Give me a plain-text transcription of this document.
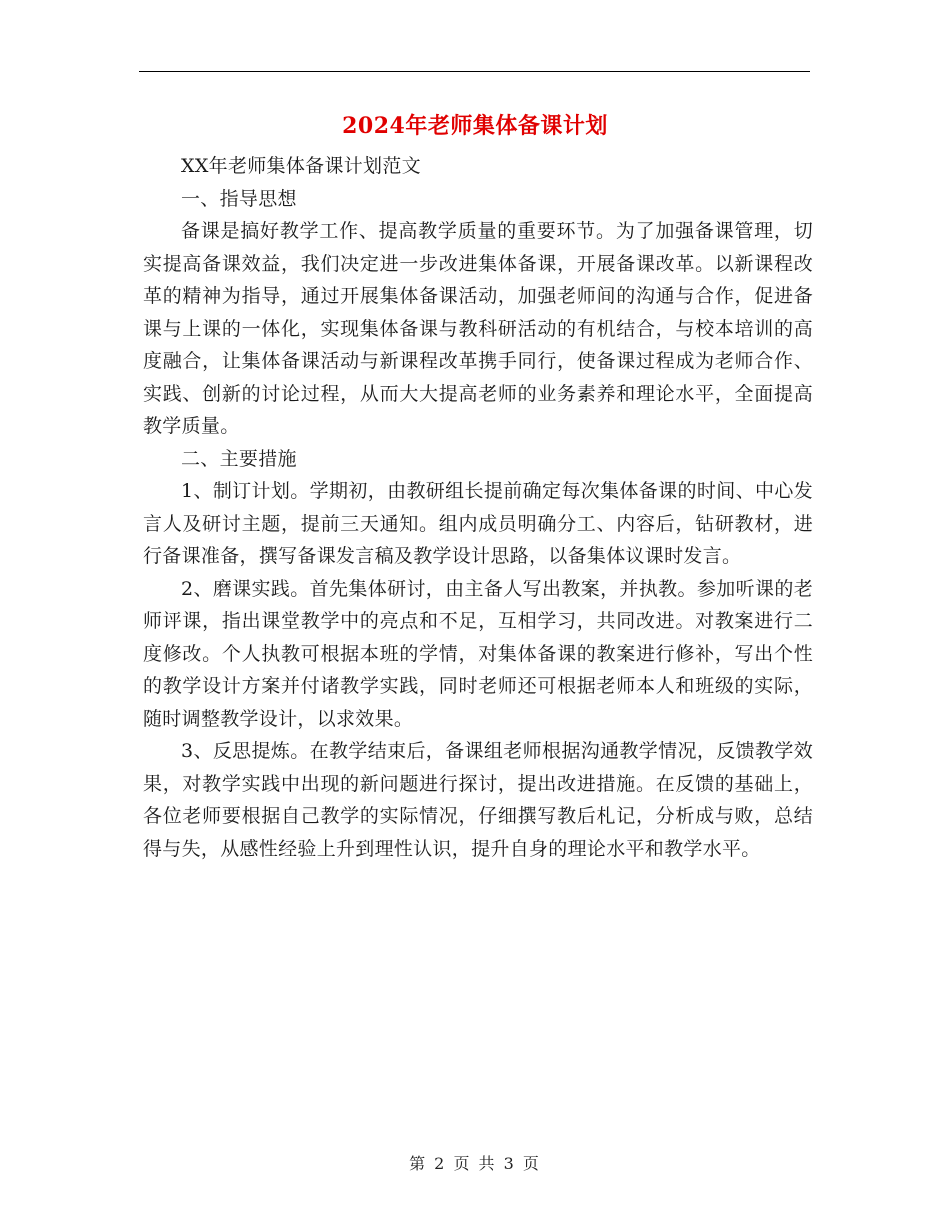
2024年老师集体备课计划

XX年老师集体备课计划范文

一、指导思想

备课是搞好教学工作、提高教学质量的重要环节。为了加强备课管理，切实提高备课效益，我们决定进一步改进集体备课，开展备课改革。以新课程改革的精神为指导，通过开展集体备课活动，加强老师间的沟通与合作，促进备课与上课的一体化，实现集体备课与教科研活动的有机结合，与校本培训的高度融合，让集体备课活动与新课程改革携手同行，使备课过程成为老师合作、实践、创新的讨论过程，从而大大提高老师的业务素养和理论水平，全面提高教学质量。

二、主要措施

1、制订计划。学期初，由教研组长提前确定每次集体备课的时间、中心发言人及研讨主题，提前三天通知。组内成员明确分工、内容后，钻研教材，进行备课准备，撰写备课发言稿及教学设计思路，以备集体议课时发言。

2、磨课实践。首先集体研讨，由主备人写出教案，并执教。参加听课的老师评课，指出课堂教学中的亮点和不足，互相学习，共同改进。对教案进行二度修改。个人执教可根据本班的学情，对集体备课的教案进行修补，写出个性的教学设计方案并付诸教学实践，同时老师还可根据老师本人和班级的实际，随时调整教学设计，以求效果。

3、反思提炼。在教学结束后，备课组老师根据沟通教学情况，反馈教学效果，对教学实践中出现的新问题进行探讨，提出改进措施。在反馈的基础上，各位老师要根据自己教学的实际情况，仔细撰写教后札记，分析成与败，总结得与失，从感性经验上升到理性认识，提升自身的理论水平和教学水平。

第 2 页 共 3 页
